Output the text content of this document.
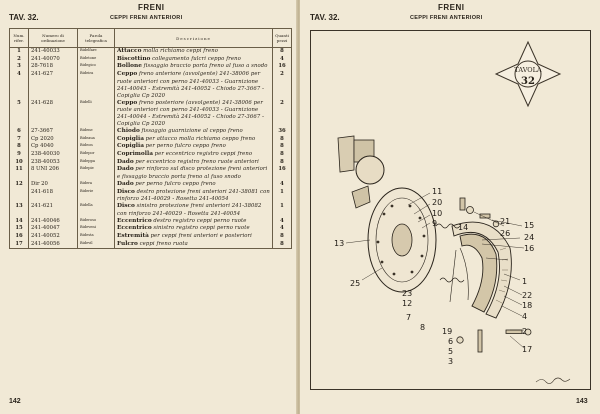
FRENI
TAV. 32.	CEPPI FRENI ANTERIORI
Num. rifer.	Numero di ordinazione	Parola telegrafica	Descrizione	Quanti pezzi
1	241-40033	Bidelfare	Attacco molla richiamo ceppi freno	8
2	241-40070	Bidetone	Biscottino collegamento fulcri ceppo freno	4
3	28-7618	Bidegico	Bollone fissaggio braccio porta freno al fuso a snodo	16
4	241-627	Bideira	Ceppo freno anteriore (avvolgente) 241-38006 per ruote anteriori con perno 241-40033 - Guarnizione 241-40043 - Estremità 241-40052 - Chiodo 27-3667 - Copiglia Cp 2020	2
5	241-628	Bidelli	Ceppo freno posteriore (avvolgente) 241-38006 per ruote anteriori con perno 241-40033 - Guarnizione 241-40044 - Estremità 241-40052 - Chiodo 27-3667 - Copiglia Cp 2020	2
6	27-3667	Bidene	Chiodo fissaggio guarnizione al ceppo freno	36
7	Cp 2020	Bideaua	Copiglia per attacco molla richiamo ceppo freno	8
8	Cp 4040	Bideon	Copiglia per perno fulcro ceppo freno	8
9	238-40030	Bidepor	Coprimolla per eccentrico registro ceppi freno	8
10	238-40053	Bideppa	Dado per eccentrico registro freno ruote anteriori	8
11	8 UNI 206	Bidepie	Dado per rinforzo sul disco protezione freni anteriori e fissaggio braccio porta freno al fuso snodo	16
12	Dir 20	Bidera	Dado per perno fulcro ceppo freno	4
	241-618	Biderie	Disco destro protezione freni anteriori 241-38081 con rinforzo 241-40029 - Rosetta 241-40054	1
13	241-621	Bidella	Disco sinistro protezione freni anteriori 241-38082 con rinforzo 241-40029 - Rosetta 241-40054	1
14	241-40046	Bideroso	Eccentrico destro registro ceppi perno ruote	4
15	241-40047	Bideveni	Eccentrico sinistro registro ceppi perno ruote	4
16	241-40052	Bidesta	Estremità per ceppi freni anteriori e posteriori	8
17	241-40056	Bidevil	Fulcro ceppi freno ruota	8
142
FRENI
TAV. 32.	CEPPI FRENI ANTERIORI
TAVOLA
32
11
20
10
9	14
21
26
15
24
13
16
25	1
22
23
18
12
4
7
2
8 19
17
6
5
3
143
